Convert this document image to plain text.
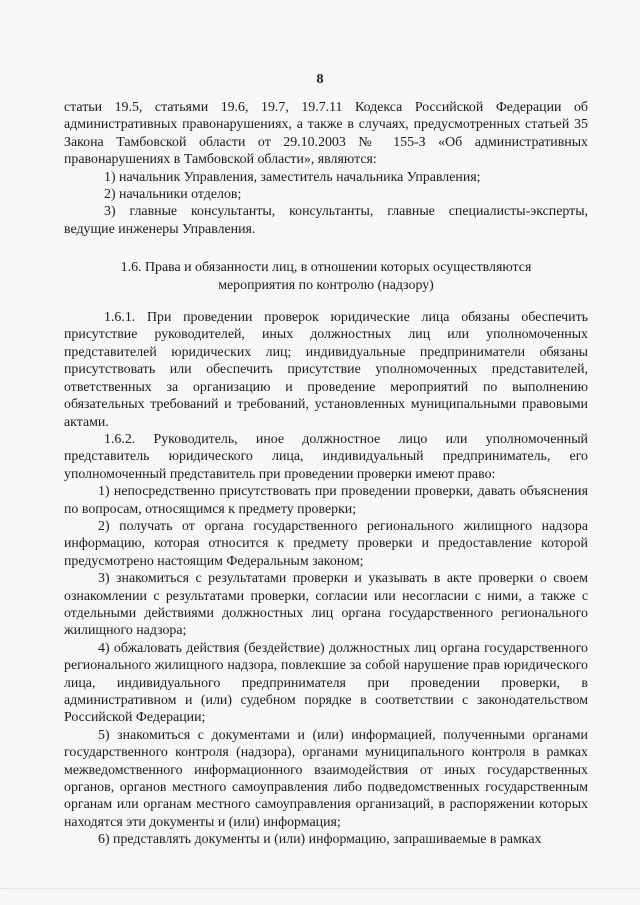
8

статьи 19.5, статьями 19.6, 19.7, 19.7.11 Кодекса Российской Федерации об административных правонарушениях, а также в случаях, предусмотренных статьей 35 Закона Тамбовской области от 29.10.2003 № 155-З «Об административных правонарушениях в Тамбовской области», являются:

1) начальник Управления, заместитель начальника Управления;

2) начальники отделов;

3) главные консультанты, консультанты, главные специалисты-эксперты, ведущие инженеры Управления.

1.6. Права и обязанности лиц, в отношении которых осуществляются

мероприятия по контролю (надзору)

1.6.1. При проведении проверок юридические лица обязаны обеспечить присутствие руководителей, иных должностных лиц или уполномоченных представителей юридических лиц; индивидуальные предприниматели обязаны присутствовать или обеспечить присутствие уполномоченных представителей, ответственных за организацию и проведение мероприятий по выполнению обязательных требований и требований, установленных муниципальными правовыми актами.

1.6.2. Руководитель, иное должностное лицо или уполномоченный представитель юридического лица, индивидуальный предприниматель, его уполномоченный представитель при проведении проверки имеют право:

1) непосредственно присутствовать при проведении проверки, давать объяснения по вопросам, относящимся к предмету проверки;

2) получать от органа государственного регионального жилищного надзора информацию, которая относится к предмету проверки и предоставление которой предусмотрено настоящим Федеральным законом;

3) знакомиться с результатами проверки и указывать в акте проверки о своем ознакомлении с результатами проверки, согласии или несогласии с ними, а также с отдельными действиями должностных лиц органа государственного регионального жилищного надзора;

4) обжаловать действия (бездействие) должностных лиц органа государственного регионального жилищного надзора, повлекшие за собой нарушение прав юридического лица, индивидуального предпринимателя при проведении проверки, в административном и (или) судебном порядке в соответствии с законодательством Российской Федерации;

5) знакомиться с документами и (или) информацией, полученными органами государственного контроля (надзора), органами муниципального контроля в рамках межведомственного информационного взаимодействия от иных государственных органов, органов местного самоуправления либо подведомственных государственным органам или органам местного самоуправления организаций, в распоряжении которых находятся эти документы и (или) информация;

6) представлять документы и (или) информацию, запрашиваемые в рамках
